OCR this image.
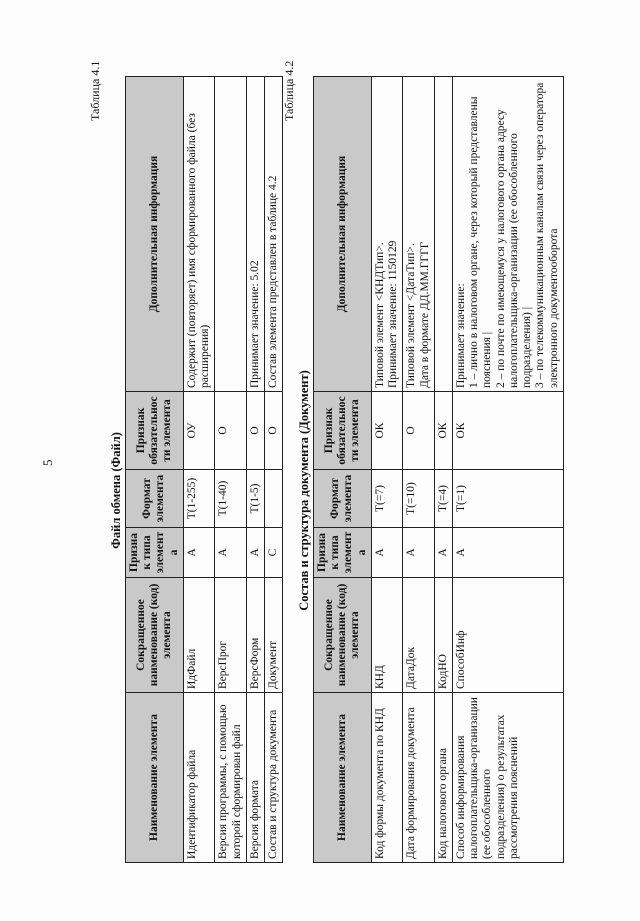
5
Таблица 4.1
Файл обмена (Файл)
Наименование элемента	Сокращенное наименование (код) элемента	Признак типа элемента	Формат элемента	Признак обязательности элемента	Дополнительная информация
Идентификатор файла	ИдФайл	А	Т(1-255)	ОУ	Содержит (повторяет) имя сформированного файла (без расширения)
Версия программы, с помощью которой сформирован файл	ВерсПрог	А	Т(1-40)	О	
Версия формата	ВерсФорм	А	Т(1-5)	О	Принимает значение: 5.02
Состав и структура документа	Документ	С		О	Состав элемента представлен в таблице 4.2
Таблица 4.2
Состав и структура документа (Документ)
Наименование элемента	Сокращенное наименование (код) элемента	Признак типа элемента	Формат элемента	Признак обязательности элемента	Дополнительная информация
Код формы документа по КНД	КНД	А	Т(=7)	ОК	Типовой элемент <КНДТип>. Принимает значение: 1150129

Дата формирования документа	ДатаДок	А	Т(=10)	О	Типовой элемент <ДатаТип>. Дата в формате ДД.ММ.ГГГГ

Код налогового органа	КодНО	А	Т(=4)	ОК	

Способ информирования налогоплательщика-организации (ее обособленного подразделения) о результатах рассмотрения пояснений	СпособИнф	А	Т(=1)	ОК	Принимает значение: 1 – лично в налоговом органе, через который представлены пояснения | 2 – по почте по имеющемуся у налогового органа адресу налогоплательщика-организации (ее обособленного подразделения) | 3 – по телекоммуникационным каналам связи через оператора электронного документооборота
